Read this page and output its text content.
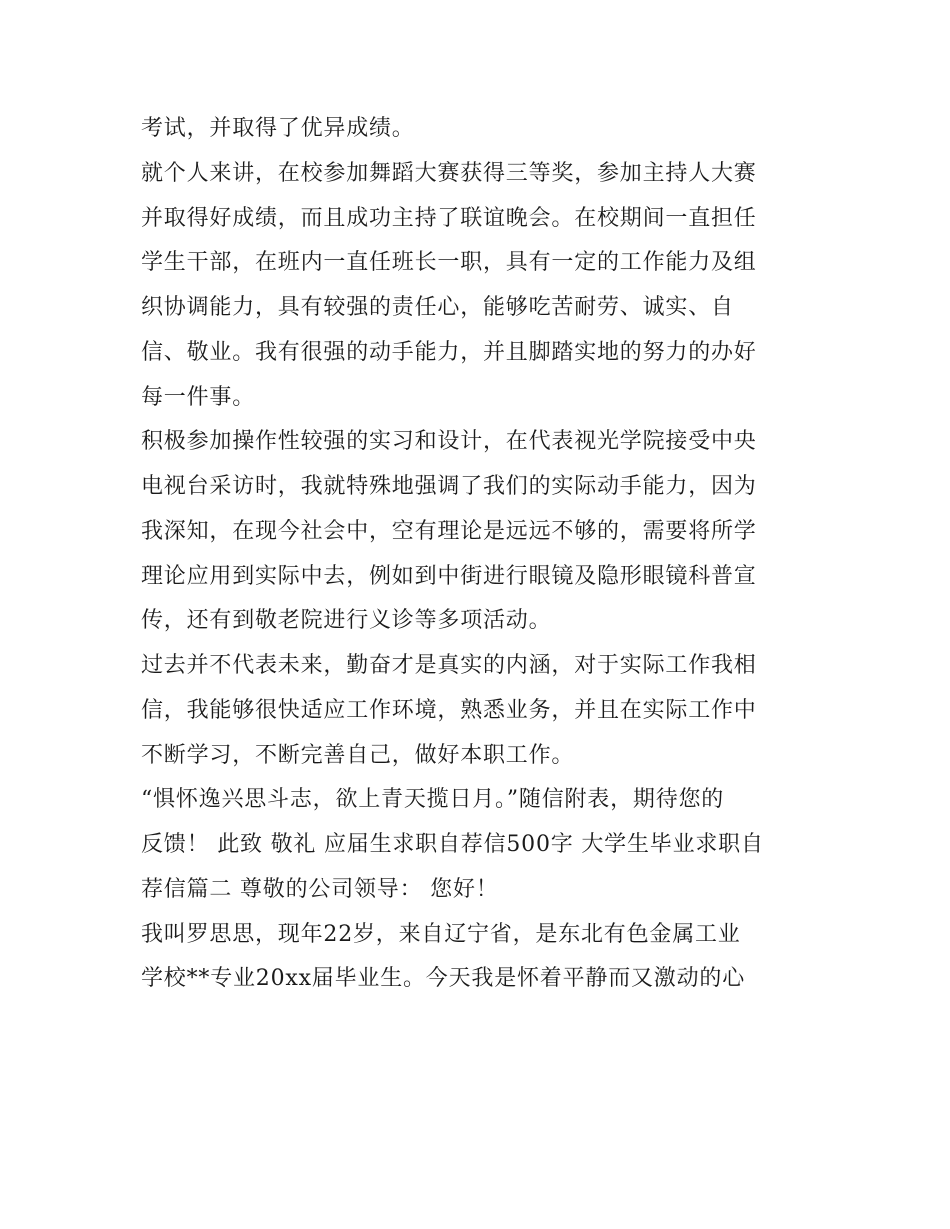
考试，并取得了优异成绩。
就个人来讲，在校参加舞蹈大赛获得三等奖，参加主持人大赛
并取得好成绩，而且成功主持了联谊晚会。在校期间一直担任
学生干部，在班内一直任班长一职，具有一定的工作能力及组
织协调能力，具有较强的责任心，能够吃苦耐劳、诚实、自
信、敬业。我有很强的动手能力，并且脚踏实地的努力的办好
每一件事。
积极参加操作性较强的实习和设计，在代表视光学院接受中央
电视台采访时，我就特殊地强调了我们的实际动手能力，因为
我深知，在现今社会中，空有理论是远远不够的，需要将所学
理论应用到实际中去，例如到中街进行眼镜及隐形眼镜科普宣
传，还有到敬老院进行义诊等多项活动。
过去并不代表未来，勤奋才是真实的内涵，对于实际工作我相
信，我能够很快适应工作环境，熟悉业务，并且在实际工作中
不断学习，不断完善自己，做好本职工作。
“惧怀逸兴思斗志，欲上青天揽日月。”随信附表，期待您的
反馈！ 此致 敬礼 应届生求职自荐信500字 大学生毕业求职自
荐信篇二 尊敬的公司领导： 您好！
我叫罗思思，现年22岁，来自辽宁省，是东北有色金属工业
学校**专业20xx届毕业生。今天我是怀着平静而又激动的心
